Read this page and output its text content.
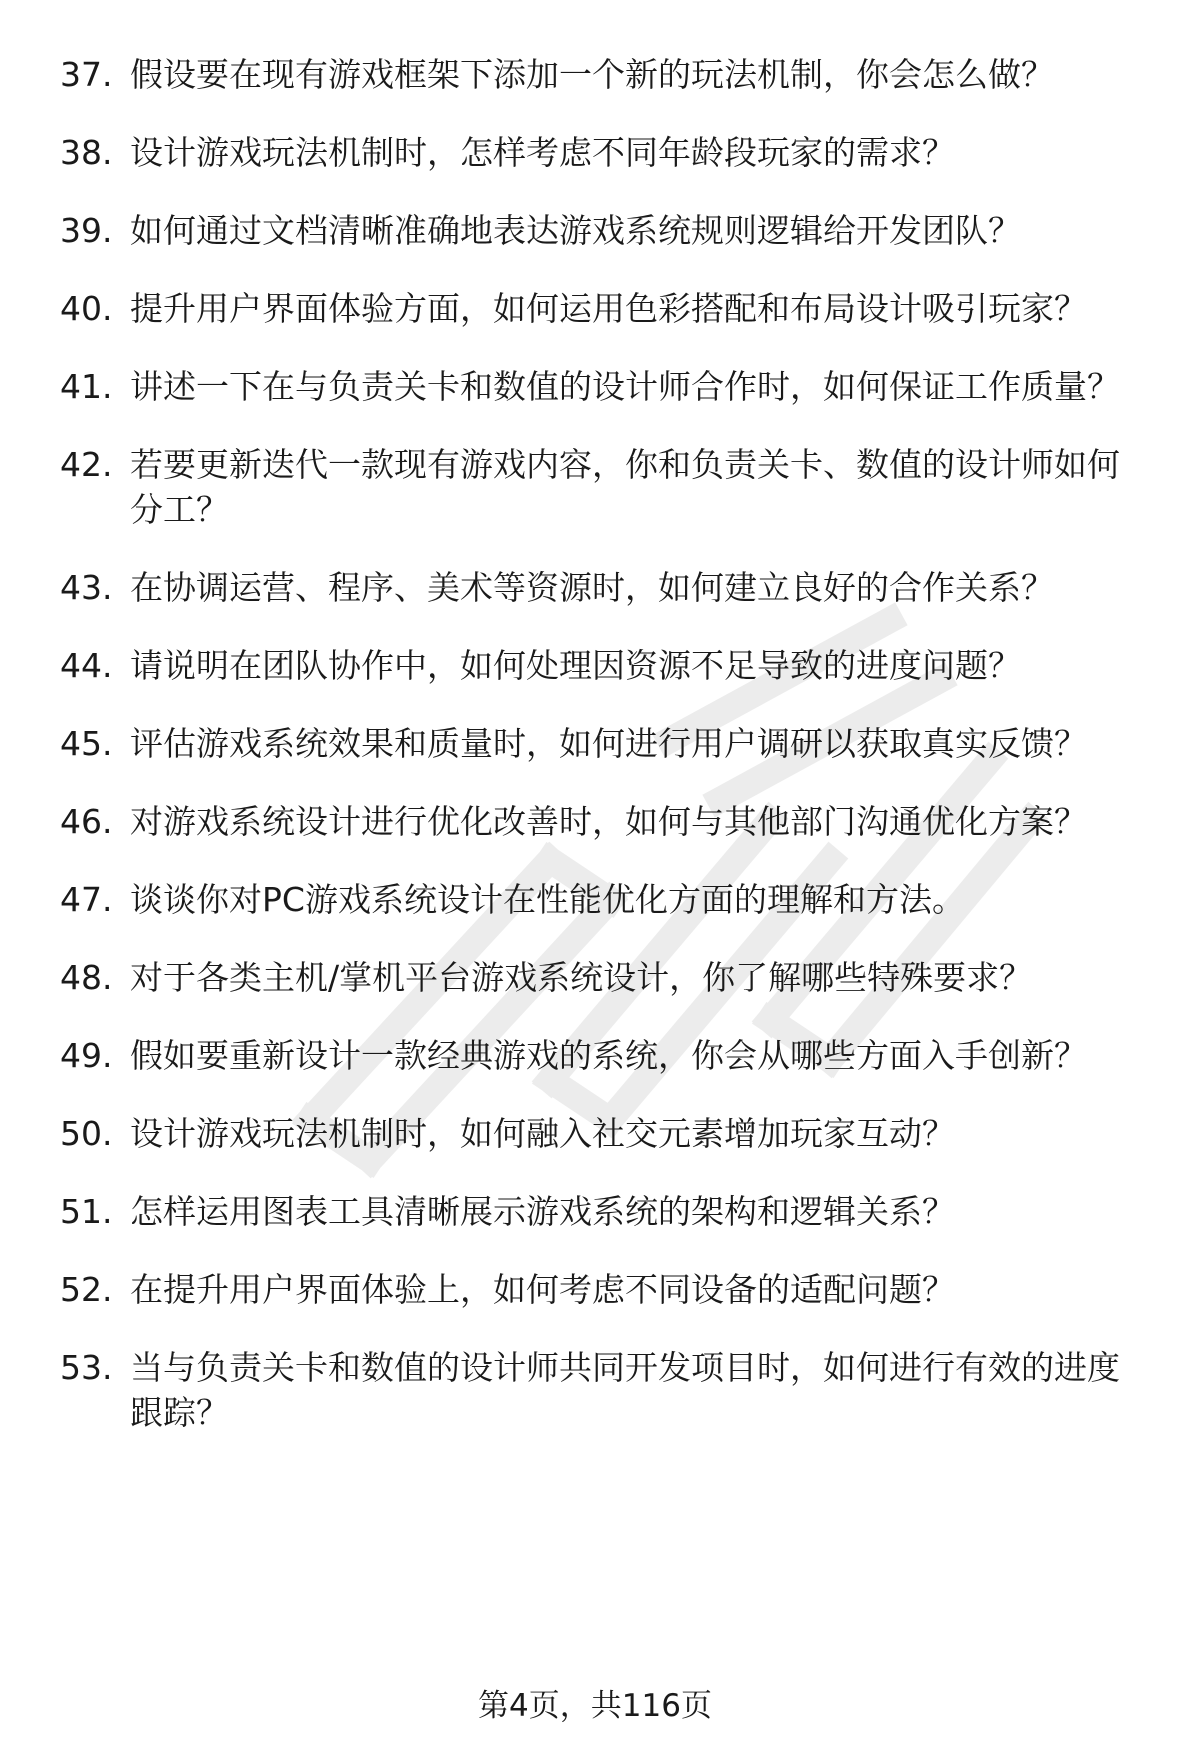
37. 假设要在现有游戏框架下添加一个新的玩法机制，你会怎么做？
38. 设计游戏玩法机制时，怎样考虑不同年龄段玩家的需求？
39. 如何通过文档清晰准确地表达游戏系统规则逻辑给开发团队？
40. 提升用户界面体验方面，如何运用色彩搭配和布局设计吸引玩家？
41. 讲述一下在与负责关卡和数值的设计师合作时，如何保证工作质量？
42. 若要更新迭代一款现有游戏内容，你和负责关卡、数值的设计师如何分工？
43. 在协调运营、程序、美术等资源时，如何建立良好的合作关系？
44. 请说明在团队协作中，如何处理因资源不足导致的进度问题？
45. 评估游戏系统效果和质量时，如何进行用户调研以获取真实反馈？
46. 对游戏系统设计进行优化改善时，如何与其他部门沟通优化方案？
47. 谈谈你对PC游戏系统设计在性能优化方面的理解和方法。
48. 对于各类主机/掌机平台游戏系统设计，你了解哪些特殊要求？
49. 假如要重新设计一款经典游戏的系统，你会从哪些方面入手创新？
50. 设计游戏玩法机制时，如何融入社交元素增加玩家互动？
51. 怎样运用图表工具清晰展示游戏系统的架构和逻辑关系？
52. 在提升用户界面体验上，如何考虑不同设备的适配问题？
53. 当与负责关卡和数值的设计师共同开发项目时，如何进行有效的进度跟踪？
第4页，共116页
